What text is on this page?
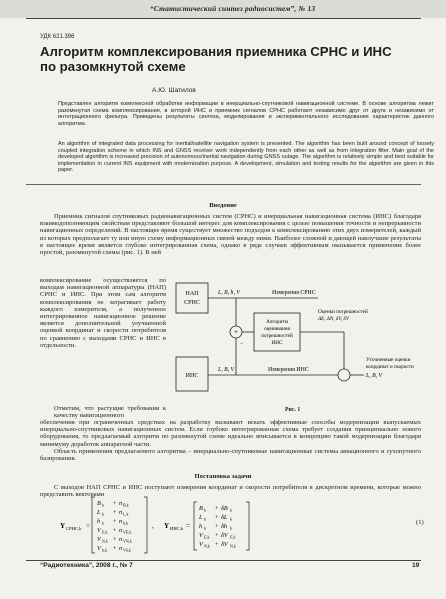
“Статистический синтез радиосистем”, № 13
УДК 621.396
Алгоритм комплексирования приемника СРНС и ИНС по разомкнутой схеме
А.Ю. Шатилов
Представлен алгоритм комплексной обработки информации в инерциально-спутниковой навигационной системе. В основе алгоритма лежит разомкнутая схема комплексирования, в которой ИНС и приемник сигналов СРНС работают независимо друг от друга и независимо от интеграционного фильтра. Приведены результаты синтеза, моделирования и экспериментального исследования характеристик данного алгоритма.
An algorithm of integrated data processing for inertial/satellite navigation system is presented. The algorithm has been built around concept of loosely coupled integration scheme in which INS and GNSS receiver work independently from each other as well as from integration filter. Main goal of the developed algorithm is increased precision of autonomous/inertial navigation during GNSS outage. The algorithm is relatively simple and best suitable for implementation in current INS equipment with modernization purpose. A development, simulation and testing results for the algorithm are given in this paper.
Введение
Приемник сигналов спутниковых радионавигационных систем (СРНС) и инерциальная навигационная система (ИНС) благодаря взаимодополняющим свойствам представляют большой интерес для комплексирования с целью повышения точности и непрерывности навигационных определений. В настоящее время существует множество подходов к комплексированию этих двух измерителей, каждый из которых предполагает ту или иную схему информационных связей между ними. Наиболее сложной и дающей наилучшие результаты в настоящее время является глубоко интегрированная схема, однако в ряде случаев эффективным оказывается применение более простой, разомкнутой схемы (рис. 1). В ней
комплексирование осуществляется по выходам навигационной аппаратуры (НАП) СРНС и ИНС. При этом сам алгоритм комплексирования не затрагивает работу каждого измерителя, а полученное интегрированное навигационное решение является дополнительной улучшенной оценкой координат и скорости потребителя по сравнению с выходами СРНС и ИНС в отдельности.
НАП
СРНС
ИНС
L, B, h, V	Измерения СРНС
L, B, V	Измерения ИНС
+
−
Алгоритм
оценивания
погрешностей
ИНС
Оценки погрешностей
ΔE, ΔN, δV, δV
Уточненные оценки
координат и скорости
L, B, V
Рис. 1
Отметим, что растущие требования к качеству навигационного
обеспечения при ограниченных средствах на разработку вызывают искать эффективные способы модернизации выпускаемых инерциально-спутниковых навигационных систем. Если глубоко интегрированная схема требует создания принципиально нового оборудования, то предлагаемый алгоритм по разомкнутой схеме идеально вписывается в концепцию такой модернизации благодаря минимуму доработок аппаратной части.
Область применения предлагаемого алгоритма – инерциально-спутниковые навигационные системы авиационного и сухопутного базирования.
Постановка задачи
С выходов НАП СРНС и ИНС поступают измерения координат и скорости потребителя в дискретном времени, которые можно представить векторами
Y СРНС,k =
B k + n B,k
L k + n L,k
h k + n h,k
V E,k + n VE,k
V N,k + n VN,k
V h,k + n Vh,k
, Y ИНС,k =
B k + δB k
L k + δL k
h k + δh k
V E,k + δV E,k
V N,k + δV N,k
(1)
“Радиотехника”, 2008 г., № 7	19
